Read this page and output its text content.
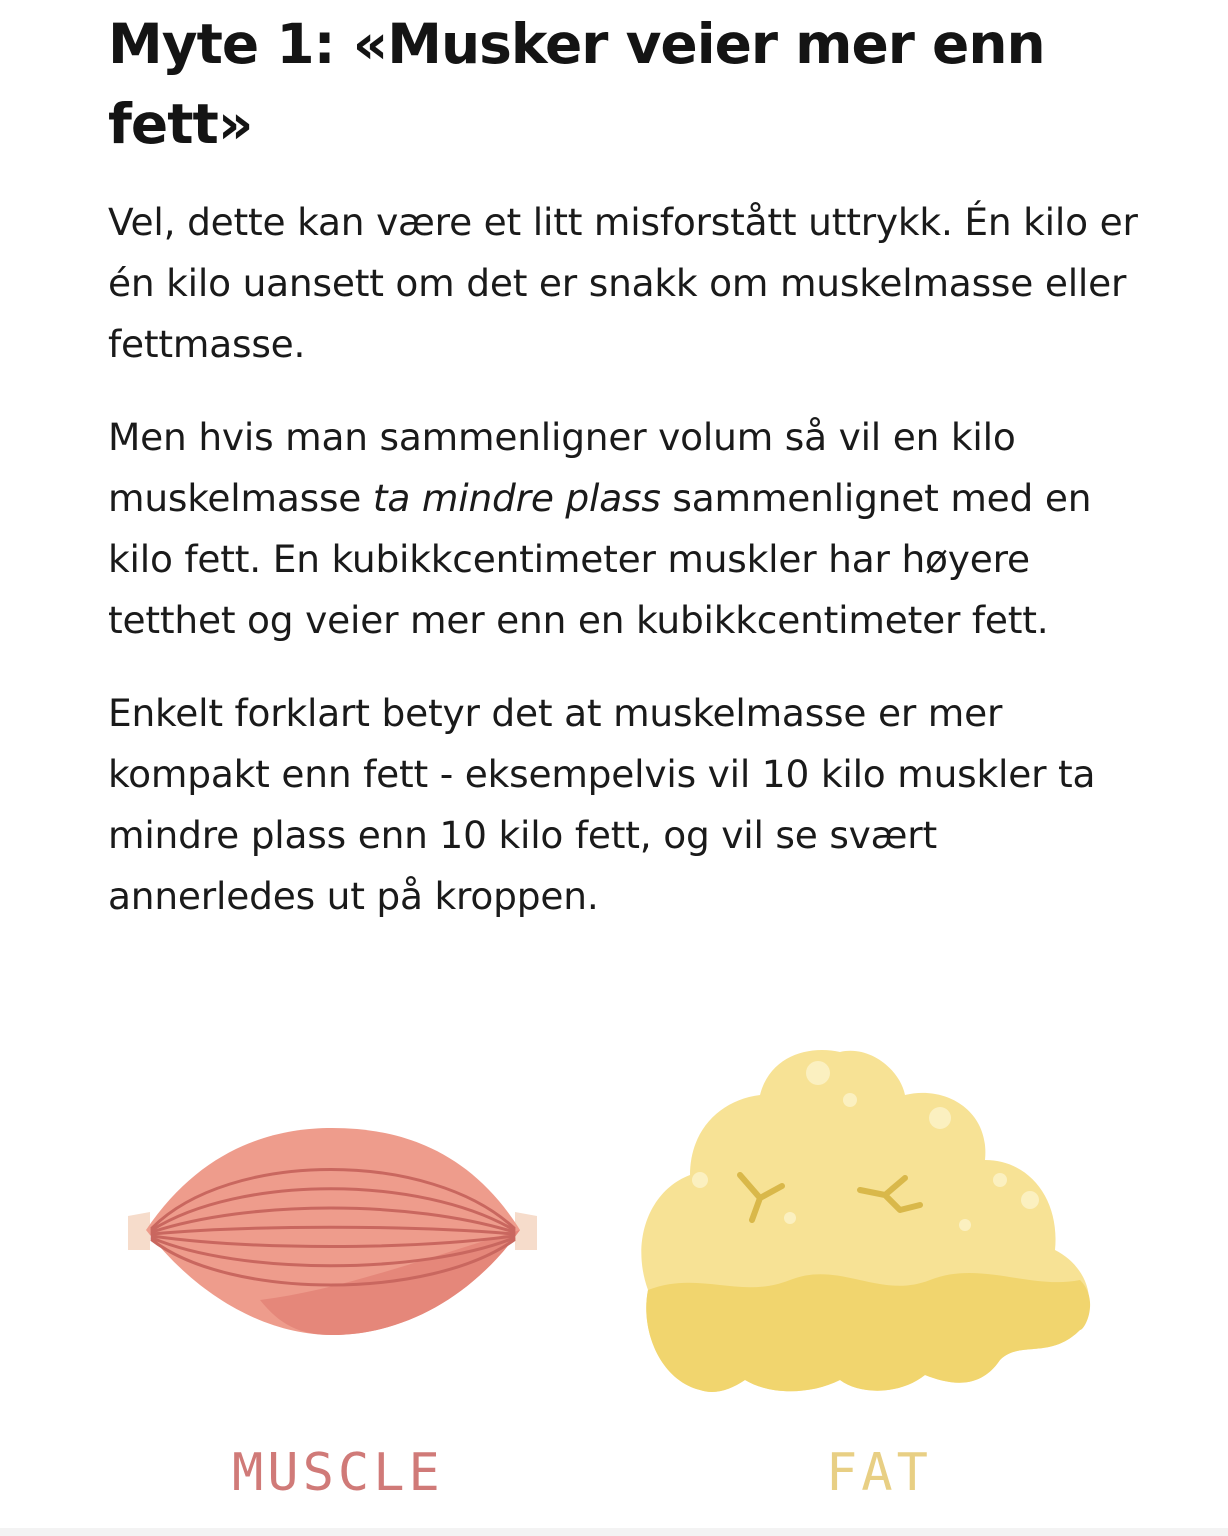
Myte 1: «Musker veier mer enn fett»

Vel, dette kan være et litt misforstått uttrykk. Én kilo er én kilo uansett om det er snakk om muskelmasse eller fettmasse.

Men hvis man sammenligner volum så vil en kilo muskelmasse ta mindre plass sammenlignet med en kilo fett. En kubikkcentimeter muskler har høyere tetthet og veier mer enn en kubikkcentimeter fett.

Enkelt forklart betyr det at muskelmasse er mer kompakt enn fett - eksempelvis vil 10 kilo muskler ta mindre plass enn 10 kilo fett, og vil se svært annerledes ut på kroppen.

MUSCLE	FAT
